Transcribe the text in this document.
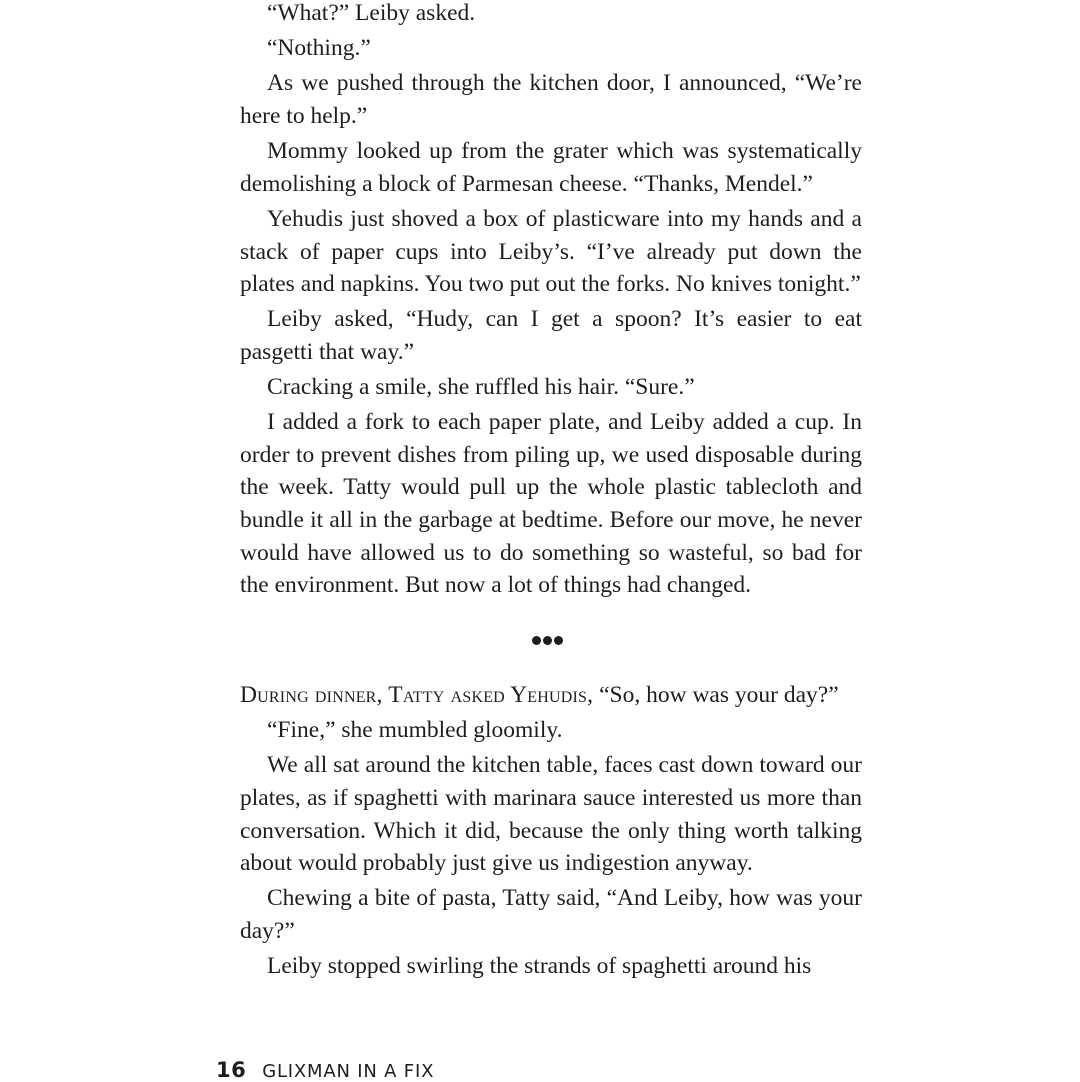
“What?” Leiby asked.

“Nothing.”

As we pushed through the kitchen door, I announced, “We’re here to help.”

Mommy looked up from the grater which was systematically demolishing a block of Parmesan cheese. “Thanks, Mendel.”

Yehudis just shoved a box of plasticware into my hands and a stack of paper cups into Leiby’s. “I’ve already put down the plates and napkins. You two put out the forks. No knives tonight.”

Leiby asked, “Hudy, can I get a spoon? It’s easier to eat pasgetti that way.”

Cracking a smile, she ruffled his hair. “Sure.”

I added a fork to each paper plate, and Leiby added a cup. In order to prevent dishes from piling up, we used disposable during the week. Tatty would pull up the whole plastic tablecloth and bundle it all in the garbage at bedtime. Before our move, he never would have allowed us to do something so wasteful, so bad for the environment. But now a lot of things had changed.

During dinner, Tatty asked Yehudis, “So, how was your day?”

“Fine,” she mumbled gloomily.

We all sat around the kitchen table, faces cast down toward our plates, as if spaghetti with marinara sauce interested us more than conversation. Which it did, because the only thing worth talking about would probably just give us indigestion anyway.

Chewing a bite of pasta, Tatty said, “And Leiby, how was your day?”

Leiby stopped swirling the strands of spaghetti around his

16 GLIXMAN IN A FIX
